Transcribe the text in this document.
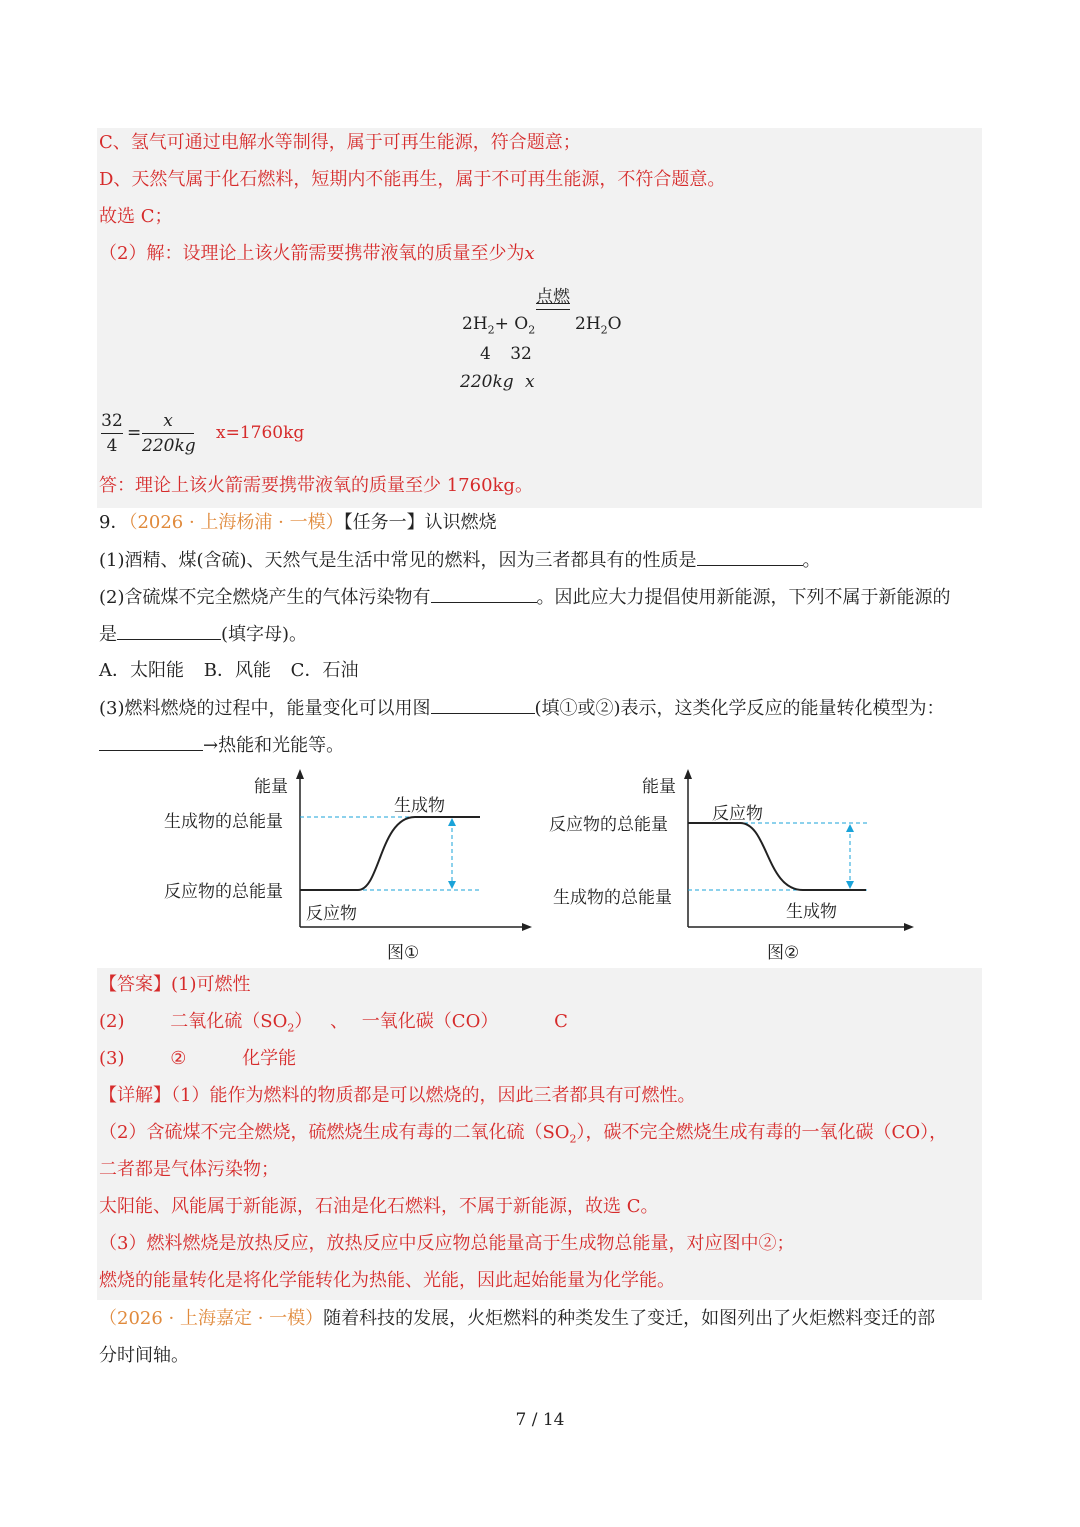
C、氢气可通过电解水等制得，属于可再生能源，符合题意；
D、天然气属于化石燃料，短期内不能再生，属于不可再生能源，不符合题意。
故选 C；
（2）解：设理论上该火箭需要携带液氧的质量至少为x
点燃
$2H_2+ O_2$ $2H_2O$
4 32
220kg x
32
4
=
x
220kg
x=1760kg
答：理论上该火箭需要携带液氧的质量至少 1760kg。
9．（2026 · 上海杨浦 · 一模）【任务一】认识燃烧
(1)酒精、煤(含硫)、天然气是生活中常见的燃料，因为三者都具有的性质是	。
(2)含硫煤不完全燃烧产生的气体污染物有	。因此应大力提倡使用新能源，下列不属于新能源的
是	(填字母)。
A．太阳能 B．风能 C．石油
(3)燃料燃烧的过程中，能量变化可以用图	(填①或②)表示，这类化学反应的能量转化模型为：
→热能和光能等。
能量
生成物的总能量
反应物的总能量
生成物
反应物
图①
能量
反应物的总能量
生成物的总能量
反应物
生成物
图②
【答案】(1)可燃性
(2)	二氧化硫$(SO_2)$ 、 一氧化碳（CO）	C
(3)	②	化学能
【详解】（1）能作为燃料的物质都是可以燃烧的，因此三者都具有可燃性。
（2）含硫煤不完全燃烧，硫燃烧生成有毒的二氧化硫$(SO_2)$，碳不完全燃烧生成有毒的一氧化碳（CO），
二者都是气体污染物；
太阳能、风能属于新能源，石油是化石燃料，不属于新能源，故选 C。
（3）燃料燃烧是放热反应，放热反应中反应物总能量高于生成物总能量，对应图中②；
燃烧的能量转化是将化学能转化为热能、光能，因此起始能量为化学能。
（2026 · 上海嘉定 · 一模）随着科技的发展，火炬燃料的种类发生了变迁，如图列出了火炬燃料变迁的部
分时间轴。
7 / 14
